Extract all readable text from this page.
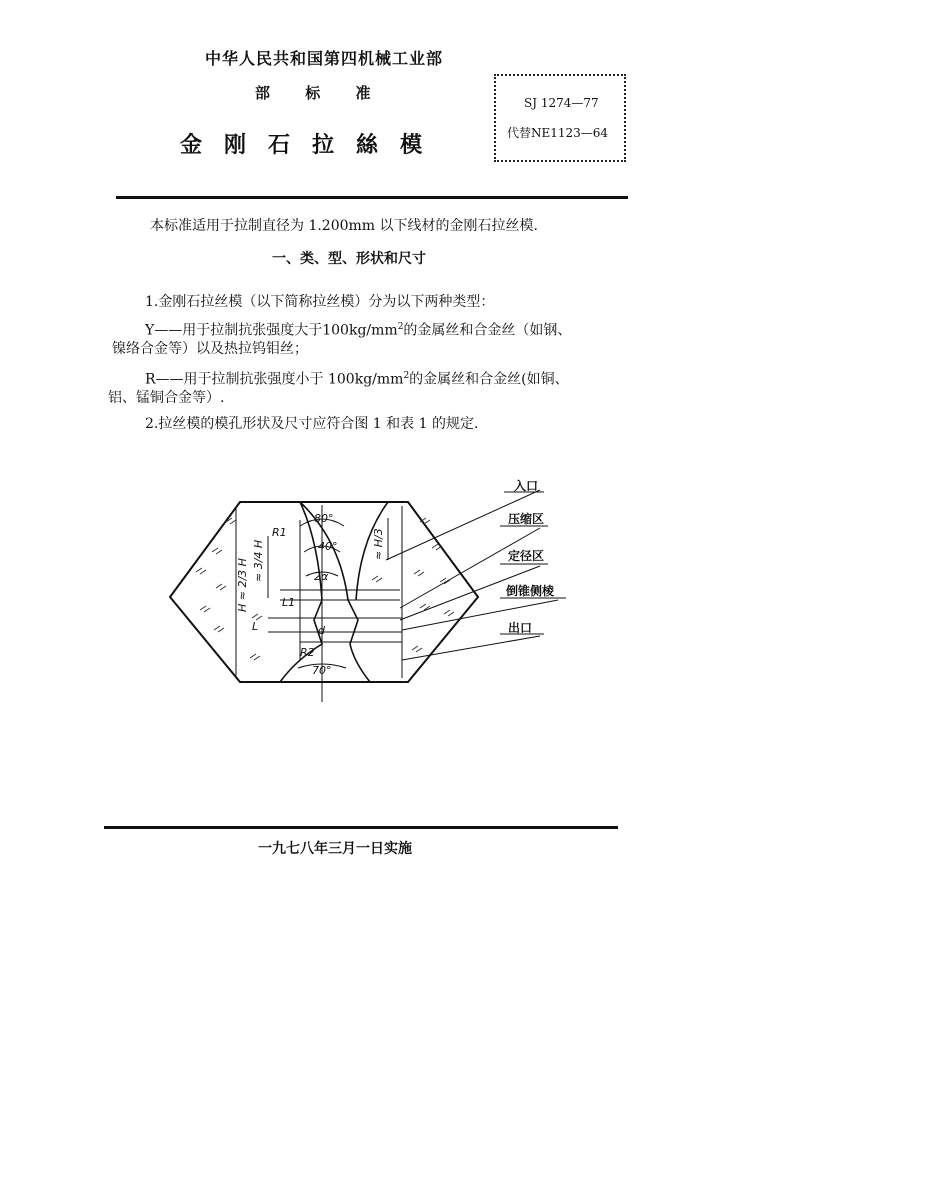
中华人民共和国第四机械工业部
部 标 准
金刚石拉絲模
SJ 1274—77
代替NE1123—64
本标准适用于拉制直径为 1.200mm 以下线材的金刚石拉丝模.
一、类、型、形状和尺寸
1.金刚石拉丝模（以下简称拉丝模）分为以下两种类型：
Y——用于拉制抗张强度大于$100kg/mm^2$的金属丝和合金丝（如钢、
镍络合金等）以及热拉钨钼丝；
R——用于拉制抗张强度小于 $100kg/mm^2$的金属丝和合金丝(如铜、
铝、锰铜合金等）.
2.拉丝模的模孔形状及尺寸应符合图 1 和表 1 的规定.
80°
40°
2α
70°
R1
R2
d
L
L1
≈ 3/4 H
H ≈ 2/3 H
≈ H/3
入口
压缩区
定径区
倒锥侧棱
出口
一九七八年三月一日实施
